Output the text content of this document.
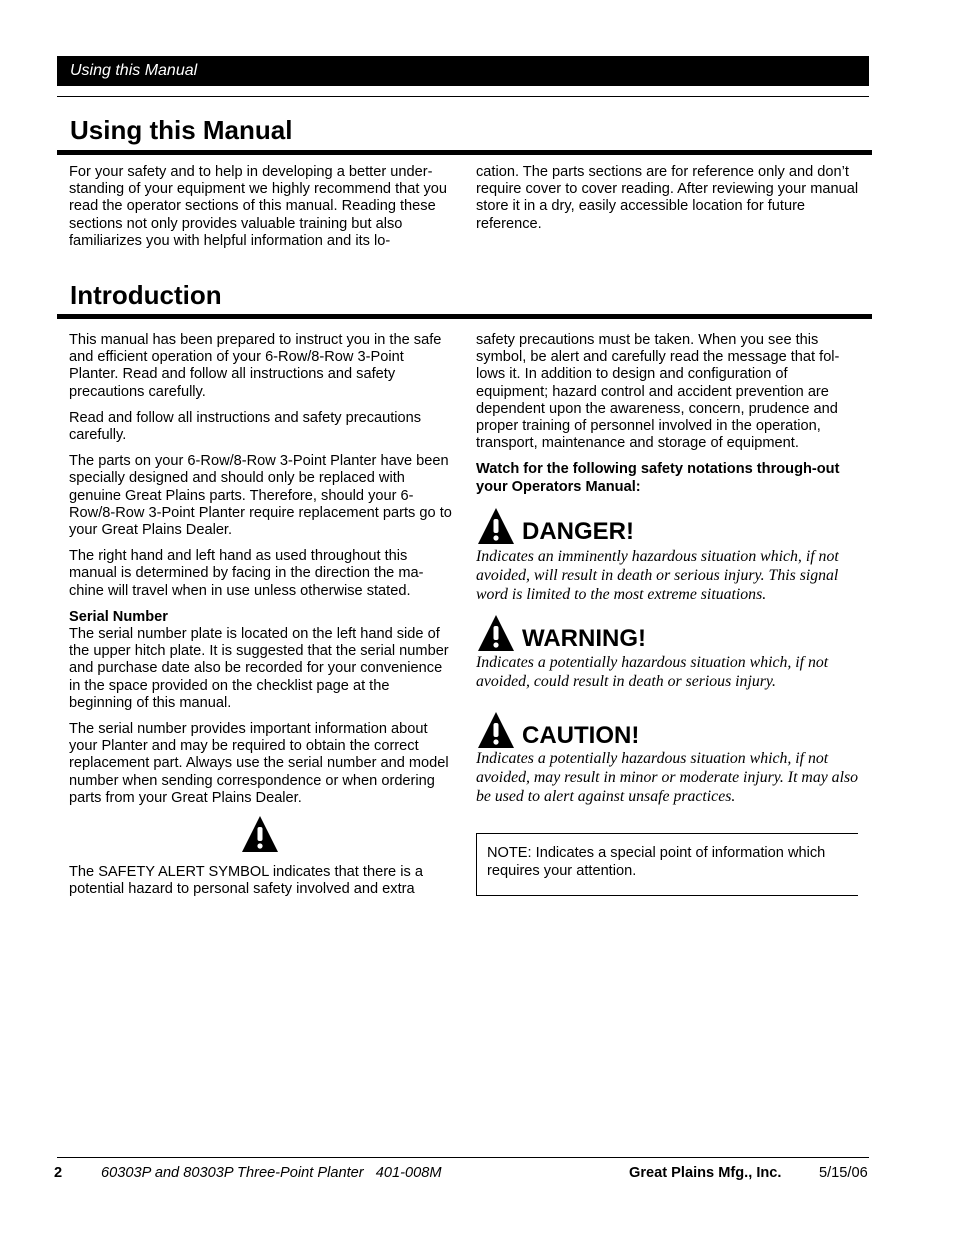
Using this Manual
Using this Manual

For your safety and to help in developing a better under-standing of your equipment we highly recommend that you read the operator sections of this manual. Reading these sections not only provides valuable training but also familiarizes you with helpful information and its lo-

cation. The parts sections are for reference only and don’t require cover to cover reading. After reviewing your manual store it in a dry, easily accessible location for future reference.

Introduction

This manual has been prepared to instruct you in the safe and efficient operation of your 6-Row/8-Row 3-Point Planter. Read and follow all instructions and safety precautions carefully.

Read and follow all instructions and safety precautions carefully.

The parts on your 6-Row/8-Row 3-Point Planter have been specially designed and should only be replaced with genuine Great Plains parts. Therefore, should your 6-Row/8-Row 3-Point Planter require replacement parts go to your Great Plains Dealer.

The right hand and left hand as used throughout this manual is determined by facing in the direction the ma-chine will travel when in use unless otherwise stated.

Serial Number

The serial number plate is located on the left hand side of the upper hitch plate. It is suggested that the serial number and purchase date also be recorded for your convenience in the space provided on the checklist page at the beginning of this manual.

The serial number provides important information about your Planter and may be required to obtain the correct replacement part. Always use the serial number and model number when sending correspondence or when ordering parts from your Great Plains Dealer.

The SAFETY ALERT SYMBOL indicates that there is a potential hazard to personal safety involved and extra

safety precautions must be taken. When you see this symbol, be alert and carefully read the message that fol-lows it. In addition to design and configuration of equipment; hazard control and accident prevention are dependent upon the awareness, concern, prudence and proper training of personnel involved in the operation, transport, maintenance and storage of equipment.

Watch for the following safety notations through-out your Operators Manual:

DANGER!
Indicates an imminently hazardous situation which, if not avoided, will result in death or serious injury. This signal word is limited to the most extreme situations.
WARNING!
Indicates a potentially hazardous situation which, if not avoided, could result in death or serious injury.
CAUTION!
Indicates a potentially hazardous situation which, if not avoided, may result in minor or moderate injury. It may also be used to alert against unsafe practices.
NOTE: Indicates a special point of information which requires your attention.
2	60303P and 80303P Three-Point Planter   401-008M	Great Plains Mfg., Inc.	5/15/06
